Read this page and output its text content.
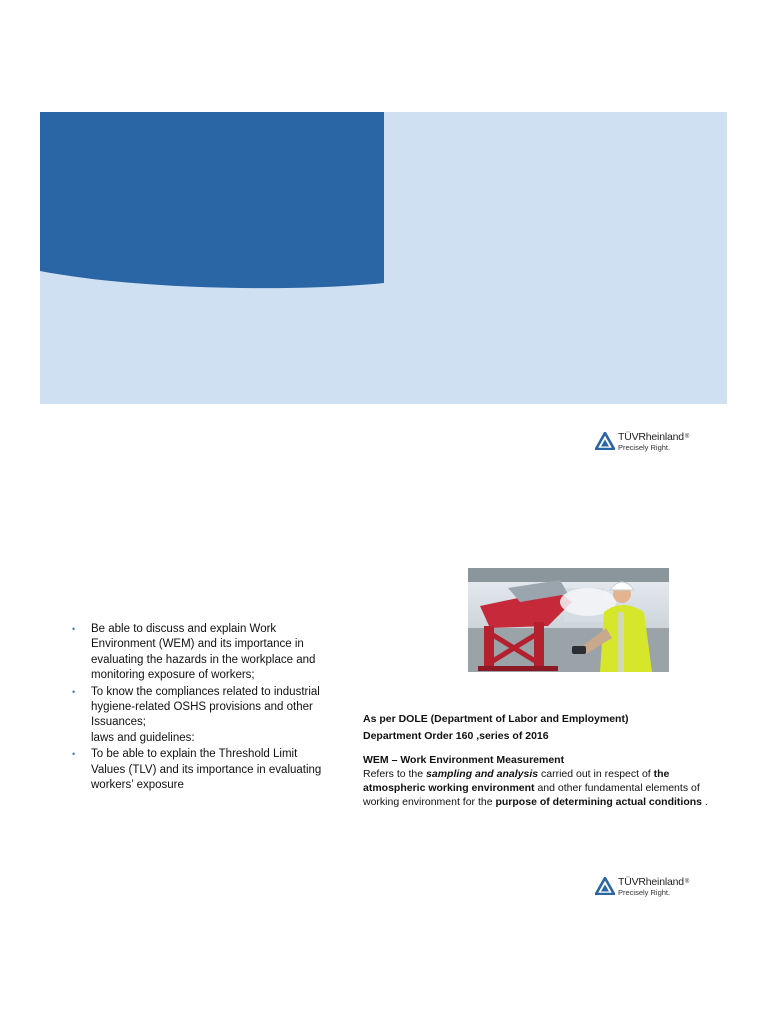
TÜVRheinland®
Precisely Right.
• Be able to discuss and explain Work Environment (WEM) and its importance in evaluating the hazards in the workplace and monitoring exposure of workers;
• To know the compliances related to industrial hygiene-related OSHS provisions and other Issuances;
laws and guidelines:
• To be able to explain the Threshold Limit Values (TLV) and its importance in evaluating workers’ exposure

As per DOLE (Department of Labor and Employment)

Department Order 160 ,series of 2016

WEM – Work Environment Measurement

Refers to the sampling and analysis carried out in respect of the atmospheric working environment and other fundamental elements of working environment for the purpose of determining actual conditions .

TÜVRheinland®
Precisely Right.
